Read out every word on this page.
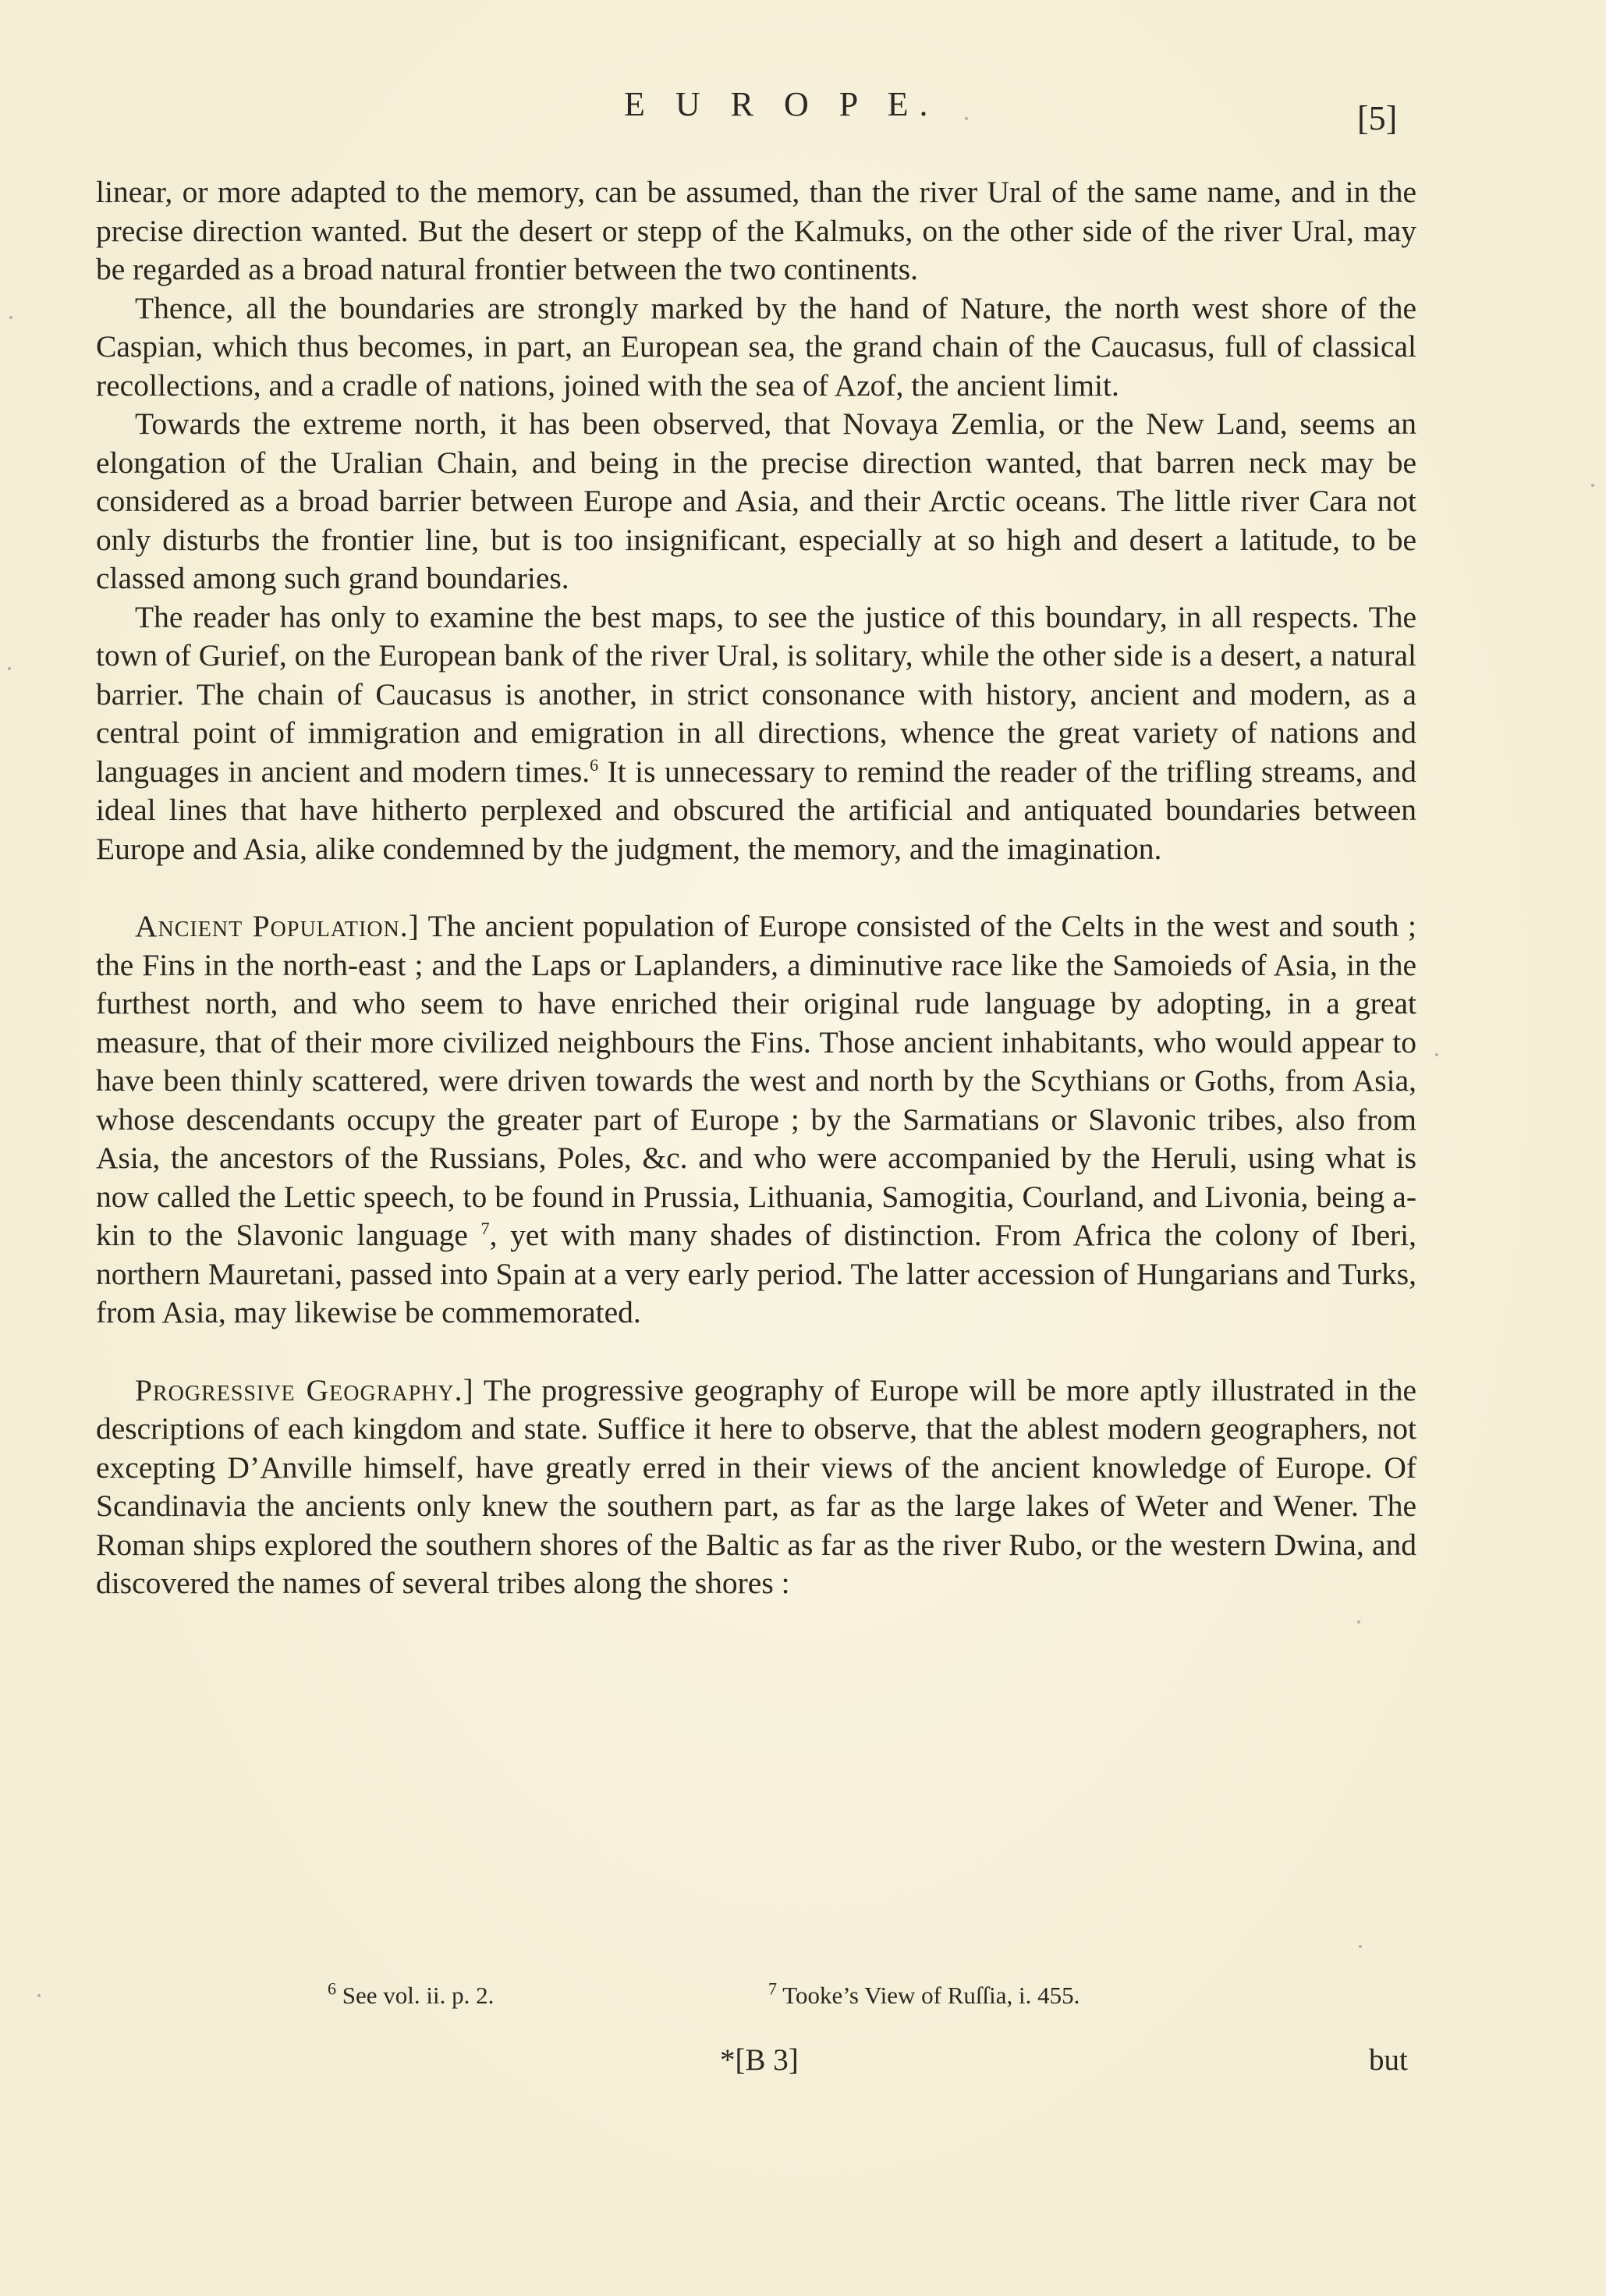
E U R O P E.	[5]

linear, or more adapted to the memory, can be assumed, than the river Ural of the same name, and in the precise direction wanted. But the desert or stepp of the Kalmuks, on the other side of the river Ural, may be regarded as a broad natural frontier between the two continents.

Thence, all the boundaries are strongly marked by the hand of Nature, the north west shore of the Caspian, which thus becomes, in part, an European sea, the grand chain of the Caucasus, full of classical recollections, and a cradle of nations, joined with the sea of Azof, the ancient limit.

Towards the extreme north, it has been observed, that Novaya Zemlia, or the New Land, seems an elongation of the Uralian Chain, and being in the precise direction wanted, that barren neck may be considered as a broad barrier between Europe and Asia, and their Arctic oceans. The little river Cara not only disturbs the frontier line, but is too insignificant, especially at so high and desert a latitude, to be classed among such grand boundaries.

The reader has only to examine the best maps, to see the justice of this boundary, in all respects. The town of Gurief, on the European bank of the river Ural, is solitary, while the other side is a desert, a natural barrier. The chain of Caucasus is another, in strict consonance with history, ancient and modern, as a central point of immigration and emigration in all directions, whence the great variety of nations and languages in ancient and modern times.$^6$ It is unnecessary to remind the reader of the trifling streams, and ideal lines that have hitherto perplexed and obscured the artificial and antiquated boundaries between Europe and Asia, alike condemned by the judgment, the memory, and the imagination.

Ancient Population.] The ancient population of Europe consisted of the Celts in the west and south ; the Fins in the north-east ; and the Laps or Laplanders, a diminutive race like the Samoieds of Asia, in the furthest north, and who seem to have enriched their original rude language by adopting, in a great measure, that of their more civilized neighbours the Fins. Those ancient inhabitants, who would appear to have been thinly scattered, were driven towards the west and north by the Scythians or Goths, from Asia, whose descendants occupy the greater part of Europe ; by the Sarmatians or Slavonic tribes, also from Asia, the ancestors of the Russians, Poles, &c. and who were accompanied by the Heruli, using what is now called the Lettic speech, to be found in Prussia, Lithuania, Samogitia, Courland, and Livonia, being a-kin to the Slavonic language $^7$, yet with many shades of distinction. From Africa the colony of Iberi, northern Mauretani, passed into Spain at a very early period. The latter accession of Hungarians and Turks, from Asia, may likewise be commemorated.

Progressive Geography.] The progressive geography of Europe will be more aptly illustrated in the descriptions of each kingdom and state. Suffice it here to observe, that the ablest modern geographers, not excepting D’Anville himself, have greatly erred in their views of the ancient knowledge of Europe. Of Scandinavia the ancients only knew the southern part, as far as the large lakes of Weter and Wener. The Roman ships explored the southern shores of the Baltic as far as the river Rubo, or the western Dwina, and discovered the names of several tribes along the shores :

$^6$ See vol. ii. p. 2.	$^7$ Tooke’s View of Ruſſia, i. 455.
*[B 3]	but
